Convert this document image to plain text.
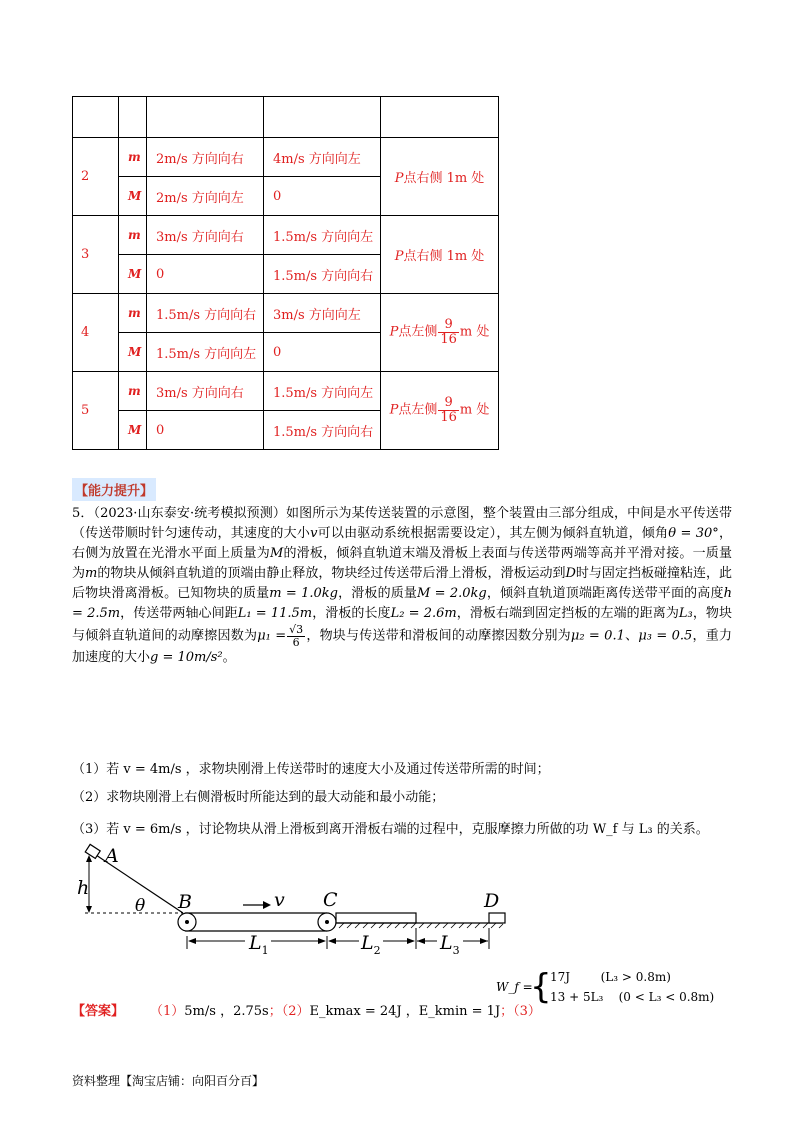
2	m	2m/s 方向向右	4m/s 方向向左	P点右侧 1m 处
	M	2m/s 方向向左	0	
3	m	3m/s 方向向右	1.5m/s 方向向左	P点右侧 1m 处
	M	0	1.5m/s 方向向右	
4	m	1.5m/s 方向向右	3m/s 方向向左	P点左侧 $\frac{9}{16}$ m 处
	M	1.5m/s 方向向左	0	
5	m	3m/s 方向向右	1.5m/s 方向向左	P点左侧 $\frac{9}{16}$ m 处
	M	0	1.5m/s 方向向右	
【能力提升】
5．（2023·山东泰安·统考模拟预测）如图所示为某传送装置的示意图，整个装置由三部分组成，中间是水平传送带（传送带顺时针匀速传动，其速度的大小v可以由驱动系统根据需要设定），其左侧为倾斜直轨道，倾角θ = 30°，右侧为放置在光滑水平面上质量为M的滑板，倾斜直轨道末端及滑板上表面与传送带两端等高并平滑对接。一质量为m的物块从倾斜直轨道的顶端由静止释放，物块经过传送带后滑上滑板，滑板运动到D时与固定挡板碰撞粘连，此后物块滑离滑板。已知物块的质量m = 1.0kg，滑板的质量M = 2.0kg，倾斜直轨道顶端距离传送带平面的高度h = 2.5m，传送带两轴心间距L₁ = 11.5m，滑板的长度L₂ = 2.6m，滑板右端到固定挡板的左端的距离为L₃，物块与倾斜直轨道间的动摩擦因数为$\mu_1 = \frac{√3}{6}$ ，物块与传送带和滑板间的动摩擦因数分别为μ₂ = 0.1、μ₃ = 0.5，重力加速度的大小g = 10m/s²。
（1）若 v = 4m/s ，求物块刚滑上传送带时的速度大小及通过传送带所需的时间；
（2）求物块刚滑上右侧滑板时所能达到的最大动能和最小动能；
（3）若 v = 6m/s ，讨论物块从滑上滑板到离开滑板右端的过程中，克服摩擦力所做的功 W_f 与 L₃ 的关系。
A
h
θ B	v C	D
$L_1$	$L_2$	$L_3$
【答案】 （1）5m/s ，2.75s；（2）E_kmax = 24J ，E_kmin = 1J；（3）
W_f =
{
17J        (L₃ > 0.8m)
13 + 5L₃    (0 < L₃ < 0.8m)
资料整理【淘宝店铺：向阳百分百】
